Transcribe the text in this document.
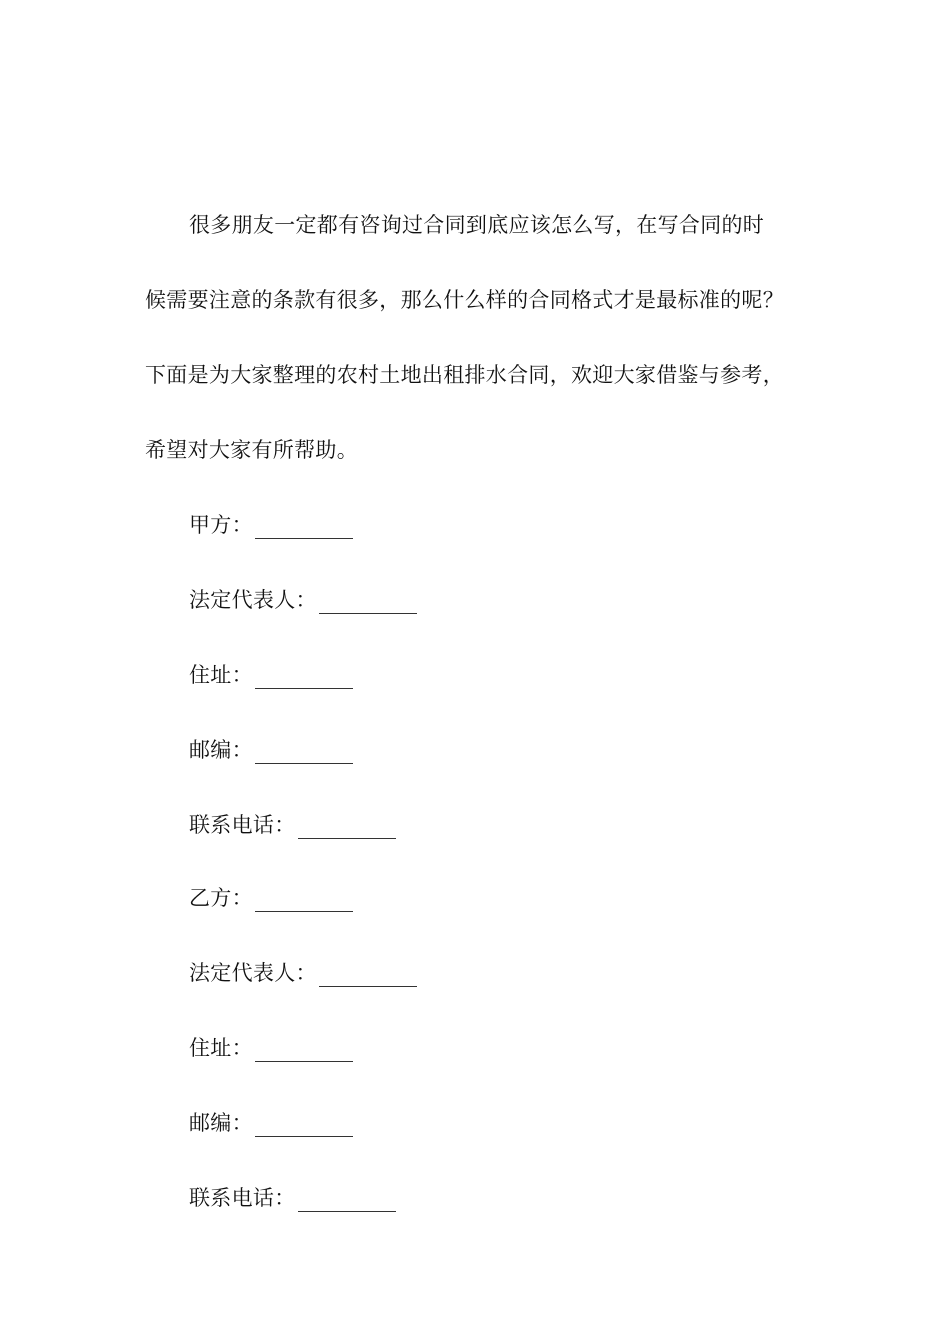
很多朋友一定都有咨询过合同到底应该怎么写，在写合同的时
候需要注意的条款有很多，那么什么样的合同格式才是最标准的呢？
下面是为大家整理的农村土地出租排水合同，欢迎大家借鉴与参考，
希望对大家有所帮助。
甲方：
法定代表人：
住址：
邮编：
联系电话：
乙方：
法定代表人：
住址：
邮编：
联系电话：
